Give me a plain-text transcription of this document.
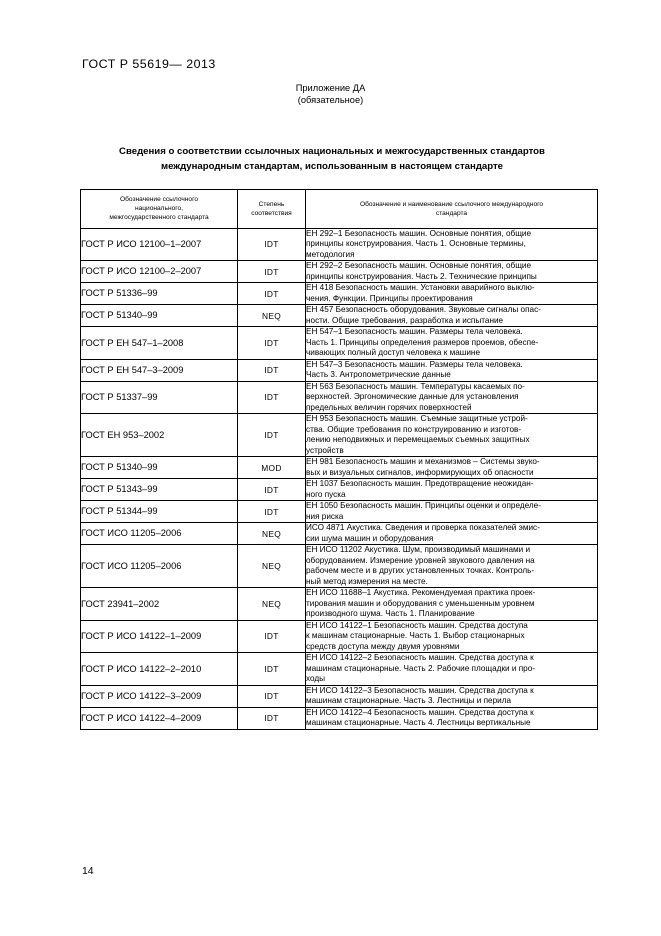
ГОСТ Р 55619— 2013
Приложение ДА
(обязательное)
Сведения о соответствии ссылочных национальных и межгосударственных стандартов
международным стандартам, использованным в настоящем стандарте
Обозначение ссылочного
национального,
межгосударственного стандарта

Степень
соответствия

Обозначение и наименование ссылочного международного
стандарта

ГОСТ Р ИСО 12100–1–2007	IDT	ЕН 292–1 Безопасность машин. Основные понятия, общие
принципы конструирования. Часть 1. Основные термины,
методология

ГОСТ Р ИСО 12100–2–2007	IDT	ЕН 292–2 Безопасность машин. Основные понятия, общие
принципы конструирования. Часть 2. Технические принципы

ГОСТ Р 51336–99	IDT	ЕН 418 Безопасность машин. Установки аварийного выклю-
чения. Функции. Принципы проектирования

ГОСТ Р 51340–99	NEQ	ЕН 457 Безопасность оборудования. Звуковые сигналы опас-
ности. Общие требования, разработка и испытание

ГОСТ Р ЕН 547–1–2008	IDT	ЕН 547–1 Безопасность машин. Размеры тела человека.
Часть 1. Принципы определения размеров проемов, обеспе-
чивающих полный доступ человека к машине

ГОСТ Р ЕН 547–3–2009	IDT	ЕН 547–3 Безопасность машин. Размеры тела человека.
Часть 3. Антропометрические данные

ГОСТ Р 51337–99	IDT	ЕН 563 Безопасность машин. Температуры касаемых по-
верхностей. Эргономические данные для установления
предельных величин горячих поверхностей

ГОСТ ЕН 953–2002	IDT	ЕН 953 Безопасность машин. Съемные защитные устрой-
ства. Общие требования по конструированию и изготов-
лению неподвижных и перемещаемых съемных защитных
устройств

ГОСТ Р 51340–99	MOD	ЕН 981 Безопасность машин и механизмов – Системы звуко-
вых и визуальных сигналов, информирующих об опасности

ГОСТ Р 51343–99	IDT	ЕН 1037 Безопасность машин. Предотвращение неожидан-
ного пуска

ГОСТ Р 51344–99	IDT	ЕН 1050 Безопасность машин. Принципы оценки и определе-
ния риска

ГОСТ ИСО 11205–2006	NEQ	ИСО 4871 Акустика. Сведения и проверка показателей эмис-
сии шума машин и оборудования

ГОСТ ИСО 11205–2006	NEQ	ЕН ИСО 11202 Акустика. Шум, производимый машинами и
оборудованием. Измерение уровней звукового давления на
рабочем месте и в других установленных точках. Контроль-
ный метод измерения на месте.

ГОСТ 23941–2002	NEQ	ЕН ИСО 11688–1 Акустика. Рекомендуемая практика проек-
тирования машин и оборудования с уменьшенным уровнем
производного шума. Часть 1. Планирование

ГОСТ Р ИСО 14122–1–2009	IDT	ЕН ИСО 14122–1 Безопасность машин. Средства доступа
к машинам стационарные. Часть 1. Выбор стационарных
средств доступа между двумя уровнями

ГОСТ Р ИСО 14122–2–2010	IDT	ЕН ИСО 14122–2 Безопасность машин. Средства доступа к
машинам стационарные. Часть 2. Рабочие площадки и про-
ходы

ГОСТ Р ИСО 14122–3–2009	IDT	ЕН ИСО 14122–3 Безопасность машин. Средства доступа к
машинам стационарные. Часть 3. Лестницы и перила

ГОСТ Р ИСО 14122–4–2009	IDT	ЕН ИСО 14122–4 Безопасность машин. Средства доступа к
машинам стационарные. Часть 4. Лестницы вертикальные
14
